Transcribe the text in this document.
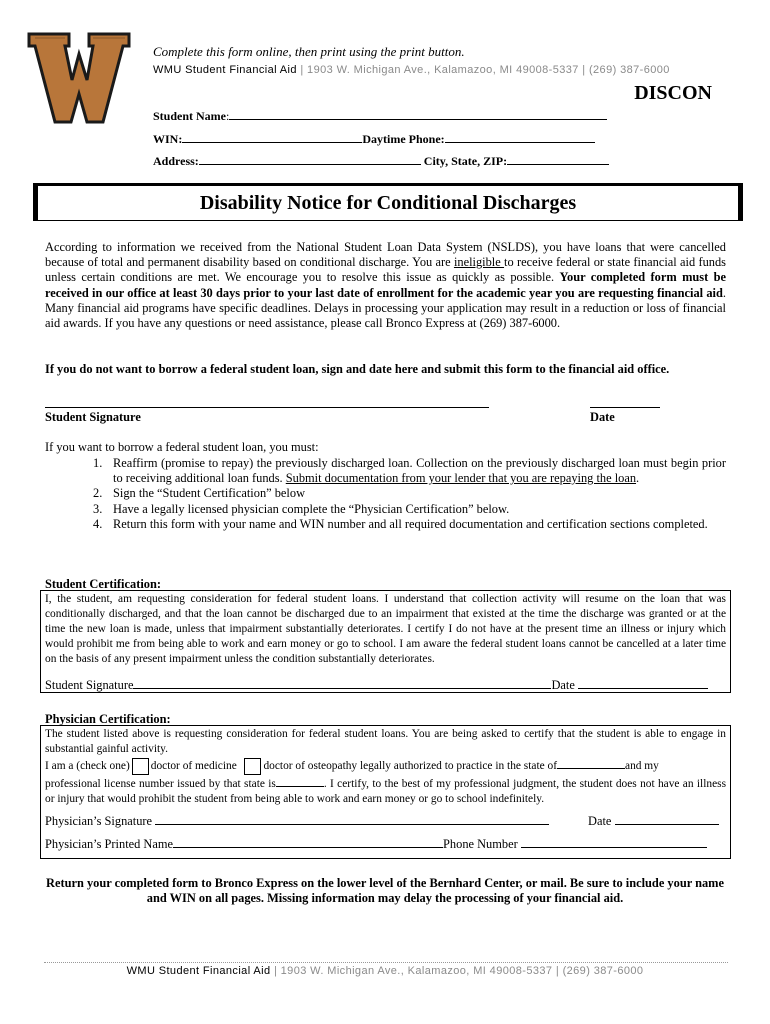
Complete this form online, then print using the print button.
WMU Student Financial Aid | 1903 W. Michigan Ave., Kalamazoo, MI 49008-5337 | (269) 387-6000
DISCON
Student Name:
WIN:	Daytime Phone:
Address:	City, State, ZIP:
Disability Notice for Conditional Discharges
According to information we received from the National Student Loan Data System (NSLDS), you have loans that were cancelled because of total and permanent disability based on conditional discharge. You are ineligible to receive federal or state financial aid funds unless certain conditions are met. We encourage you to resolve this issue as quickly as possible. Your completed form must be received in our office at least 30 days prior to your last date of enrollment for the academic year you are requesting financial aid. Many financial aid programs have specific deadlines. Delays in processing your application may result in a reduction or loss of financial aid awards. If you have any questions or need assistance, please call Bronco Express at (269) 387-6000.
If you do not want to borrow a federal student loan, sign and date here and submit this form to the financial aid office.
Student Signature	Date
If you want to borrow a federal student loan, you must:
1. Reaffirm (promise to repay) the previously discharged loan. Collection on the previously discharged loan must begin prior to receiving additional loan funds. Submit documentation from your lender that you are repaying the loan.
2. Sign the “Student Certification” below
3. Have a legally licensed physician complete the “Physician Certification” below.
4. Return this form with your name and WIN number and all required documentation and certification sections completed.
Student Certification:
I, the student, am requesting consideration for federal student loans. I understand that collection activity will resume on the loan that was conditionally discharged, and that the loan cannot be discharged due to an impairment that existed at the time the discharge was granted or at the time the new loan is made, unless that impairment substantially deteriorates. I certify I do not have at the present time an illness or injury which would prohibit me from being able to work and earn money or go to school. I am aware the federal student loans cannot be cancelled at a later time on the basis of any present impairment unless the condition substantially deteriorates.
Student Signature	Date
Physician Certification:
The student listed above is requesting consideration for federal student loans. You are being asked to certify that the student is able to engage in substantial gainful activity.
I am a (check one) doctor of medicine doctor of osteopathy legally authorized to practice in the state of	and my
professional license number issued by that state is	. I certify, to the best of my professional judgment, the student does not have an illness or injury that would prohibit the student from being able to work and earn money or go to school indefinitely.
Physician’s Signature	Date
Physician’s Printed Name	Phone Number
Return your completed form to Bronco Express on the lower level of the Bernhard Center, or mail. Be sure to include your name and WIN on all pages. Missing information may delay the processing of your financial aid.
WMU Student Financial Aid | 1903 W. Michigan Ave., Kalamazoo, MI 49008-5337 | (269) 387-6000
